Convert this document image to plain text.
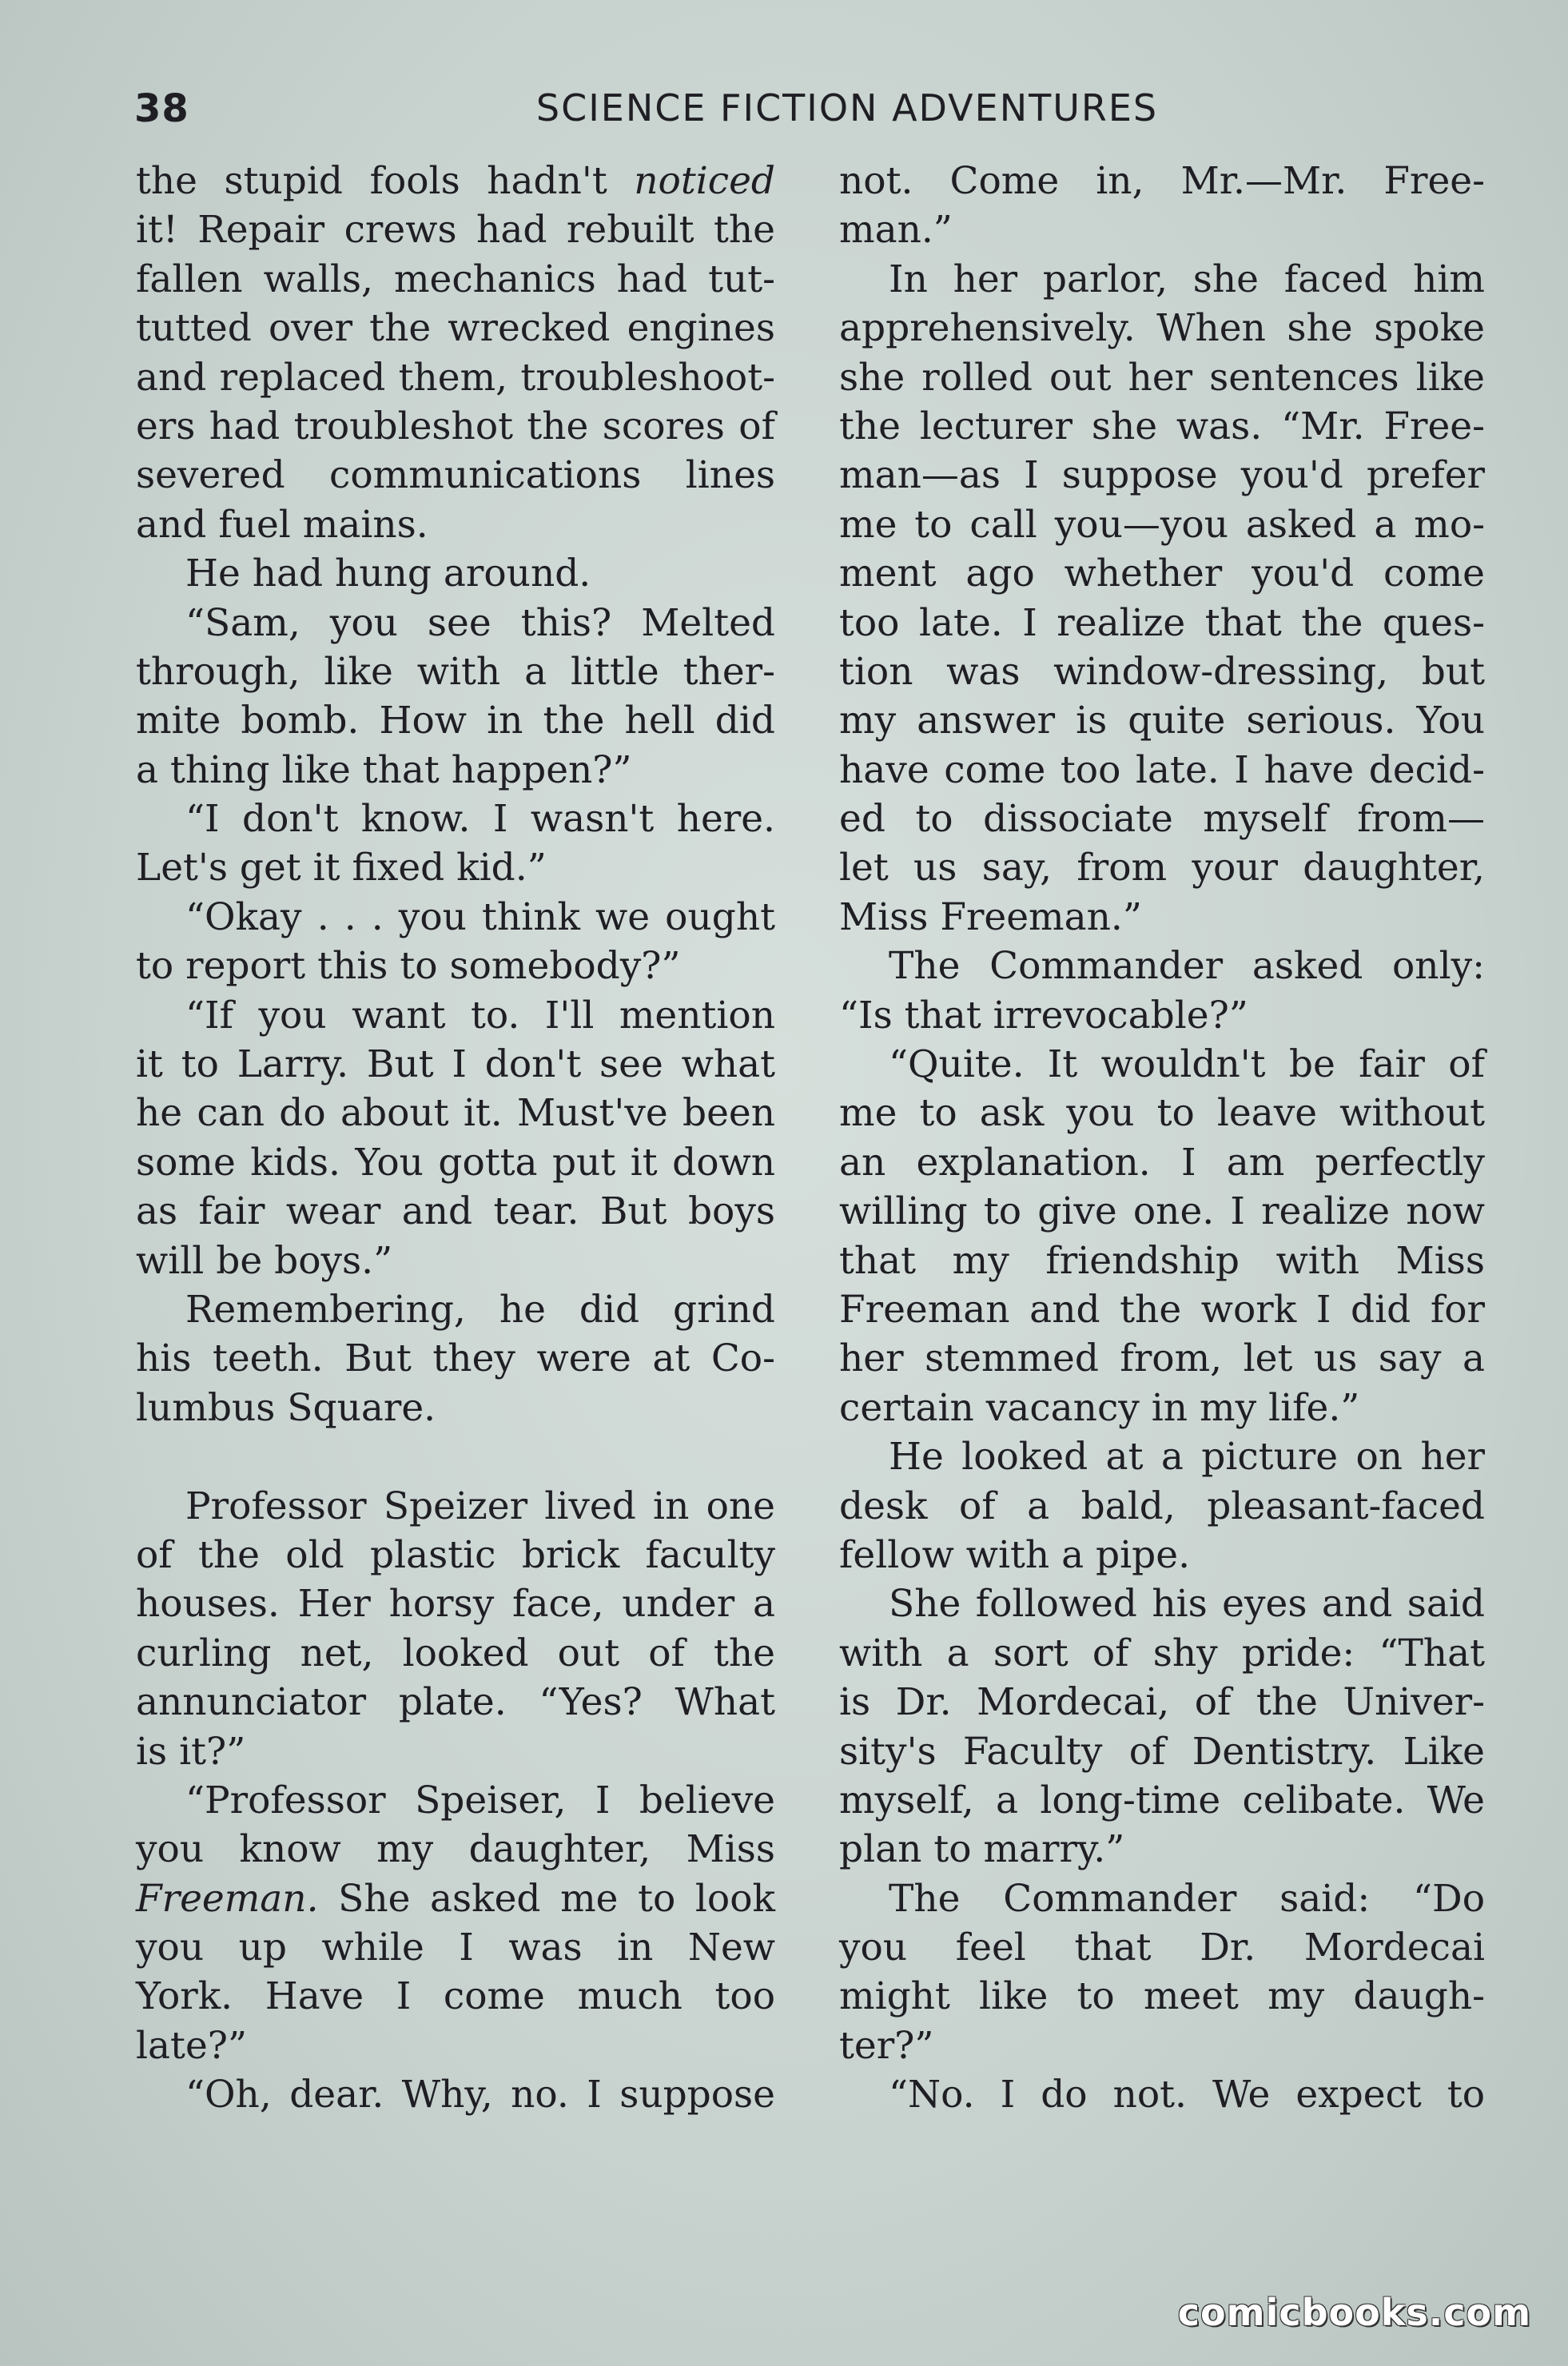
38	SCIENCE FICTION ADVENTURES
the stupid fools hadn't noticed
it! Repair crews had rebuilt the
fallen walls, mechanics had tut-
tutted over the wrecked engines
and replaced them, troubleshoot-
ers had troubleshot the scores of
severed communications lines
and fuel mains.
He had hung around.
“Sam, you see this? Melted
through, like with a little ther-
mite bomb. How in the hell did
a thing like that happen?”
“I don't know. I wasn't here.
Let's get it fixed kid.”
“Okay . . . you think we ought
to report this to somebody?”
“If you want to. I'll mention
it to Larry. But I don't see what
he can do about it. Must've been
some kids. You gotta put it down
as fair wear and tear. But boys
will be boys.”
Remembering, he did grind
his teeth. But they were at Co-
lumbus Square.
Professor Speizer lived in one
of the old plastic brick faculty
houses. Her horsy face, under a
curling net, looked out of the
annunciator plate. “Yes? What
is it?”
“Professor Speiser, I believe
you know my daughter, Miss
Freeman. She asked me to look
you up while I was in New
York. Have I come much too
late?”
“Oh, dear. Why, no. I suppose
not. Come in, Mr.—Mr. Free-
man.”
In her parlor, she faced him
apprehensively. When she spoke
she rolled out her sentences like
the lecturer she was. “Mr. Free-
man—as I suppose you'd prefer
me to call you—you asked a mo-
ment ago whether you'd come
too late. I realize that the ques-
tion was window-dressing, but
my answer is quite serious. You
have come too late. I have decid-
ed to dissociate myself from—
let us say, from your daughter,
Miss Freeman.”
The Commander asked only:
“Is that irrevocable?”
“Quite. It wouldn't be fair of
me to ask you to leave without
an explanation. I am perfectly
willing to give one. I realize now
that my friendship with Miss
Freeman and the work I did for
her stemmed from, let us say a
certain vacancy in my life.”
He looked at a picture on her
desk of a bald, pleasant-faced
fellow with a pipe.
She followed his eyes and said
with a sort of shy pride: “That
is Dr. Mordecai, of the Univer-
sity's Faculty of Dentistry. Like
myself, a long-time celibate. We
plan to marry.”
The Commander said: “Do
you feel that Dr. Mordecai
might like to meet my daugh-
ter?”
“No. I do not. We expect to
comicbooks.com
